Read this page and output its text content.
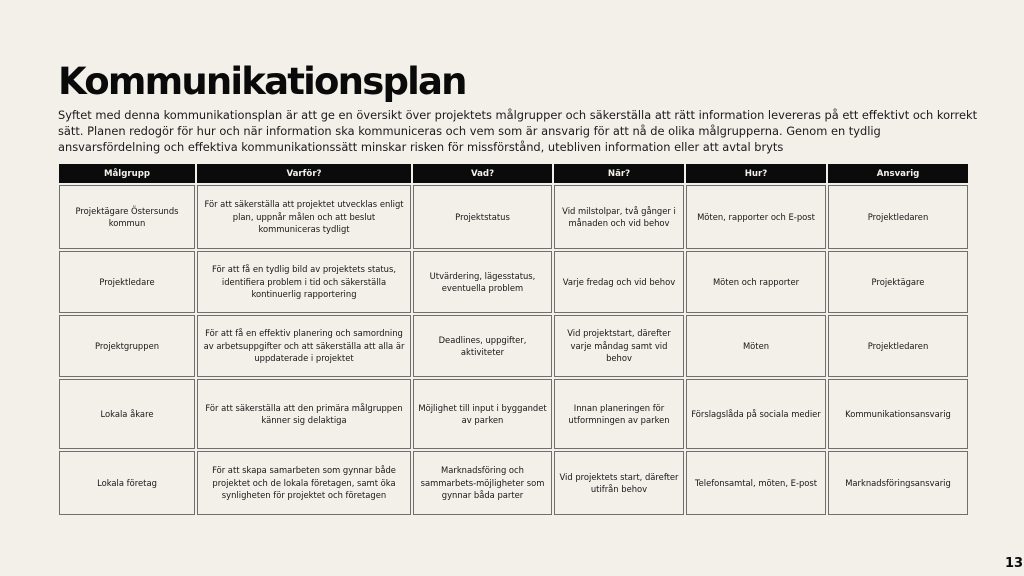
Kommunikationsplan

Syftet med denna kommunikationsplan är att ge en översikt över projektets målgrupper och säkerställa att rätt information levereras på ett effektivt och korrekt sätt. Planen redogör för hur och när information ska kommuniceras och vem som är ansvarig för att nå de olika målgrupperna. Genom en tydlig ansvarsfördelning och effektiva kommunikationssätt minskar risken för missförstånd, utebliven information eller att avtal bryts

Målgrupp	Varför?	Vad?	När?	Hur?	Ansvarig
Projektägare Östersunds kommun	För att säkerställa att projektet utvecklas enligt plan, uppnår målen och att beslut kommuniceras tydligt	Projektstatus	Vid milstolpar, två gånger i månaden och vid behov	Möten, rapporter och E-post	Projektledaren
Projektledare	För att få en tydlig bild av projektets status, identifiera problem i tid och säkerställa kontinuerlig rapportering	Utvärdering, lägesstatus, eventuella problem	Varje fredag och vid behov	Möten och rapporter	Projektägare
Projektgruppen	För att få en effektiv planering och samordning av arbetsuppgifter och att säkerställa att alla är uppdaterade i projektet	Deadlines, uppgifter, aktiviteter	Vid projektstart, därefter varje måndag samt vid behov	Möten	Projektledaren
Lokala åkare	För att säkerställa att den primära målgruppen känner sig delaktiga	Möjlighet till input i byggandet av parken	Innan planeringen för utformningen av parken	Förslagslåda på sociala medier	Kommunikationsansvarig
Lokala företag	För att skapa samarbeten som gynnar både projektet och de lokala företagen, samt öka synligheten för projektet och företagen	Marknadsföring och sammarbets-möjligheter som gynnar båda parter	Vid projektets start, därefter utifrån behov	Telefonsamtal, möten, E-post	Marknadsföringsansvarig
13
